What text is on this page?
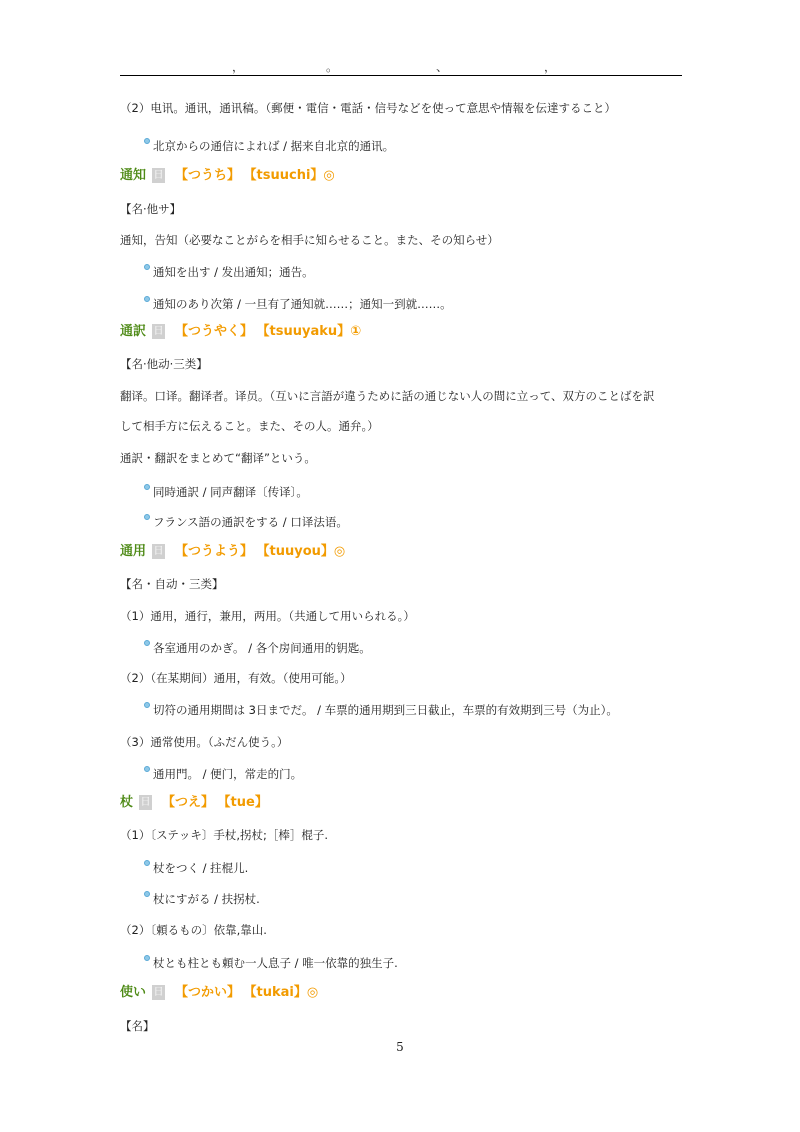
，	。	、	，
（2）电讯。通讯，通讯稿。（郵便・電信・電話・信号などを使って意思や情報を伝達すること）
北京からの通信によれば / 据来自北京的通讯。
通知 日 【つうち】 【tsuuchi】◎
【名·他サ】
通知，告知（必要なことがらを相手に知らせること。また、その知らせ）
通知を出す / 发出通知；通告。
通知のあり次第 / 一旦有了通知就……；通知一到就……。
通訳 日 【つうやく】 【tsuuyaku】①
【名·他动·三类】
翻译。口译。翻译者。译员。（互いに言語が違うために話の通じない人の間に立って、双方のことばを訳
して相手方に伝えること。また、その人。通弁。）
通訳・翻訳をまとめて“翻译”という。
同時通訳 / 同声翻译〔传译〕。
フランス語の通訳をする / 口译法语。
通用 日 【つうよう】 【tuuyou】◎
【名・自动・三类】
（1）通用，通行，兼用，两用。（共通して用いられる。）
各室通用のかぎ。 / 各个房间通用的钥匙。
（2）（在某期间）通用，有效。（使用可能。）
切符の通用期間は 3日までだ。 / 车票的通用期到三日截止，车票的有效期到三号（为止）。
（3）通常使用。（ふだん使う。）
通用門。 / 便门，常走的门。
杖 日 【つえ】 【tue】
（1）〔ステッキ〕手杖,拐杖;［棒］棍子.
杖をつく / 拄棍儿.
杖にすがる / 扶拐杖.
（2）〔頼るもの〕依靠,靠山.
杖とも柱とも頼む一人息子 / 唯一依靠的独生子.
使い 日 【つかい】 【tukai】◎
【名】
5
